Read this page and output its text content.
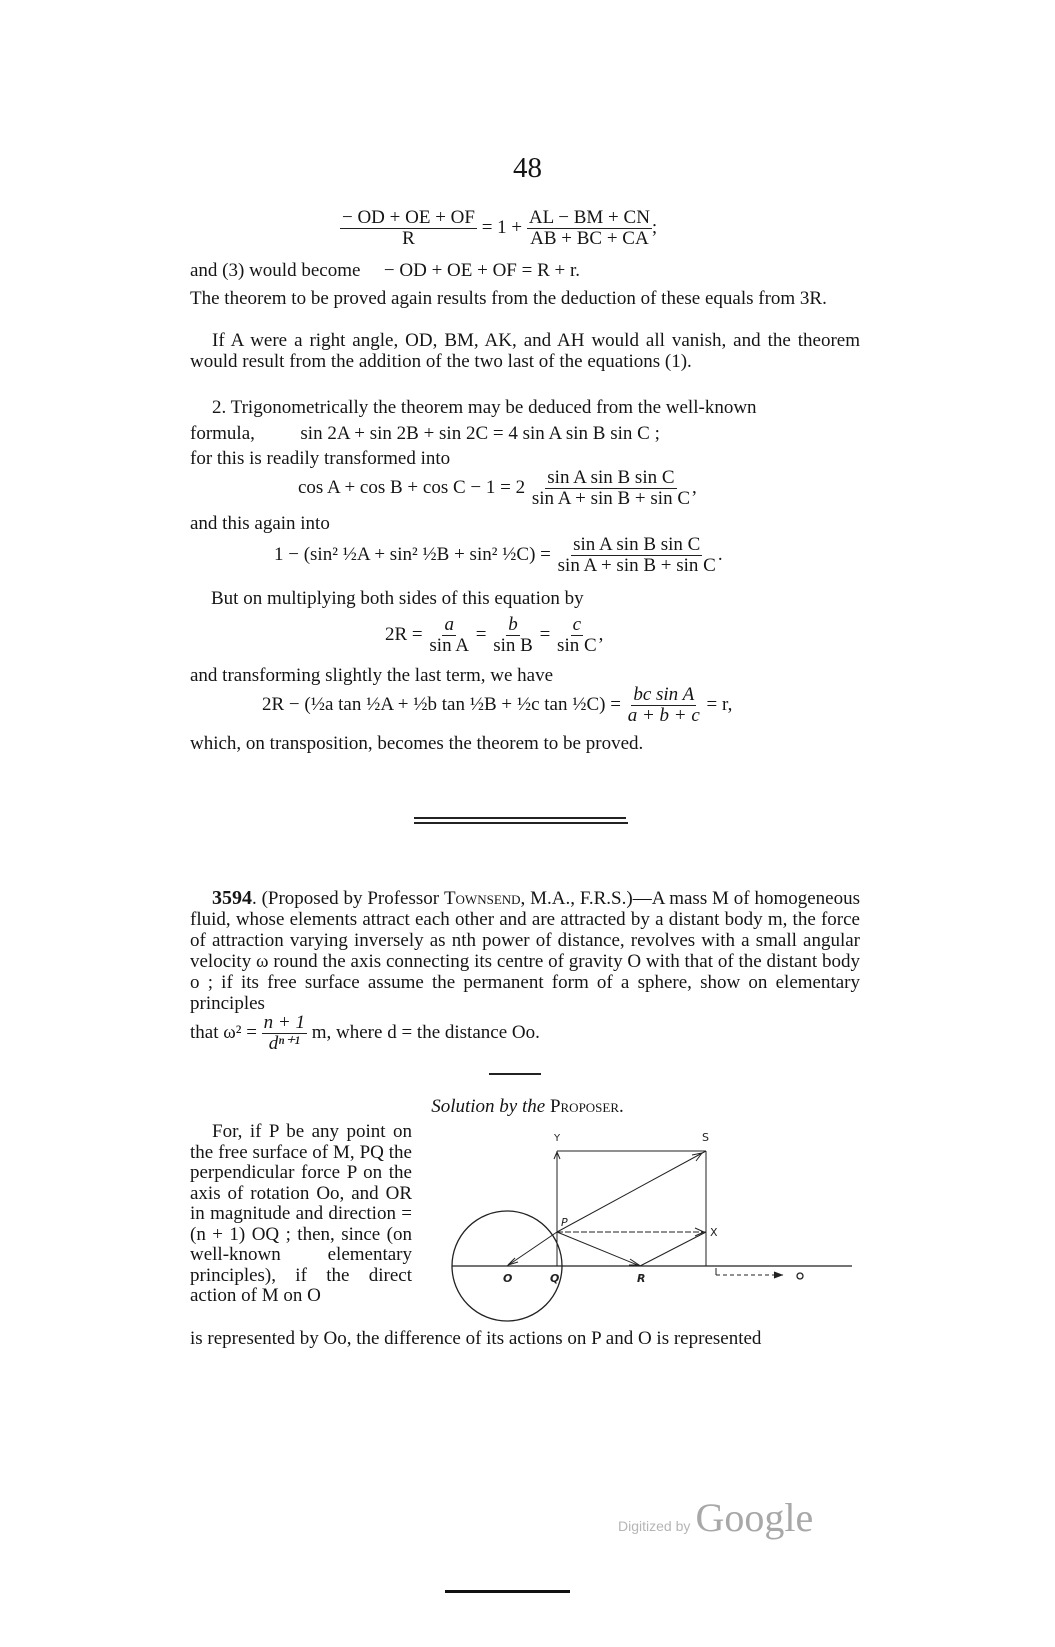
48
$\frac{- OD + OE + OF}{R} = 1 + \frac{AL - BM + CN}{AB + BC + CA}$ ;
and (3) would become − OD + OE + OF = R + r.
The theorem to be proved again results from the deduction of these equals from 3R.
If A were a right angle, OD, BM, AK, and AH would all vanish, and the theorem would result from the addition of the two last of the equations (1).
2. Trigonometrically the theorem may be deduced from the well-known
formula, sin 2A + sin 2B + sin 2C = 4 sin A sin B sin C ;
for this is readily transformed into
$\cos A + \cos B + \cos C - 1 = 2 \frac{\text{sin A sin B sin C}}{\text{sin A + sin B + sin C}}$ ,
and this again into
1 − (sin² ½A + sin² ½B + sin² ½C) = $\frac{\text{sin A sin B sin C}}{\text{sin A + sin B + sin C}}$ .
But on multiplying both sides of this equation by
$2R = \frac{a}{\text{sin A}} = \frac{b}{\text{sin B}} = \frac{c}{\text{sin C}}$ ,
and transforming slightly the last term, we have
2R − (½a tan ½A + ½b tan ½B + ½c tan ½C) = $\frac{\text{bc sin A}}{a + b + c} = r$,
which, on transposition, becomes the theorem to be proved.
3594. (Proposed by Professor Townsend, M.A., F.R.S.)—A mass M of homogeneous fluid, whose elements attract each other and are attracted by a distant body m, the force of attraction varying inversely as nth power of distance, revolves with a small angular velocity ω round the axis connecting its centre of gravity O with that of the distant body o ; if its free surface assume the permanent form of a sphere, show on elementary principles
that $\omega^2 = \frac{n + 1}{\text{dⁿ⁺¹}} m$, where d = the distance Oo.
Solution by the Proposer.
For, if P be any point on the free surface of M, PQ the perpendicular force P on the axis of rotation Oo, and OR in magnitude and direction = (n + 1) OQ ; then, since (on well-known elementary principles), if the direct action of M on O
Y	S
P
X
O	Q	R
is represented by Oo, the difference of its actions on P and O is represented
Digitized by Google
